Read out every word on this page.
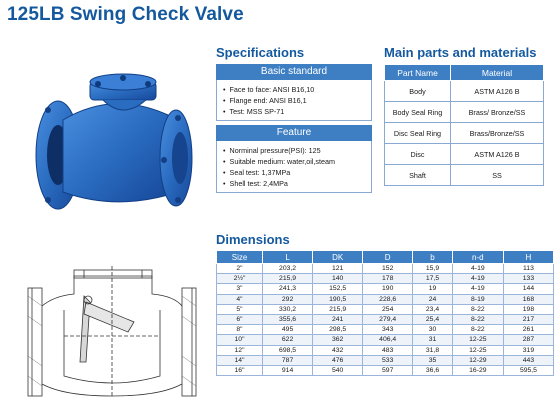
125LB Swing Check Valve
Specifications
Basic standard
• Face to face: ANSI B16,10
• Flange end: ANSI B16,1
• Test: MSS SP-71
Feature
• Norminal pressure(PSI): 125
• Suitable medium: water,oil,steam
• Seal test: 1,37MPa
• Shell test: 2,4MPa
Main parts and materials
Part Name	Material
Body	ASTM A126 B
Body Seal Ring	Brass/ Bronze/SS
Disc Seal Ring	Brass/Bronze/SS
Disc	ASTM A126 B
Shaft	SS
Dimensions
Size	L	DK	D	b	n-d	H
2"	203,2	121	152	15,9	4-19	113
2½"	215,9	140	178	17,5	4-19	133
3"	241,3	152,5	190	19	4-19	144
4"	292	190,5	228,6	24	8-19	168
5"	330,2	215,9	254	23,4	8-22	198
6"	355,6	241	279,4	25,4	8-22	217
8"	495	298,5	343	30	8-22	261
10"	622	362	406,4	31	12-25	287
12"	698,5	432	483	31,8	12-25	319
14"	787	476	533	35	12-29	443
16"	914	540	597	36,6	16-29	595,5
